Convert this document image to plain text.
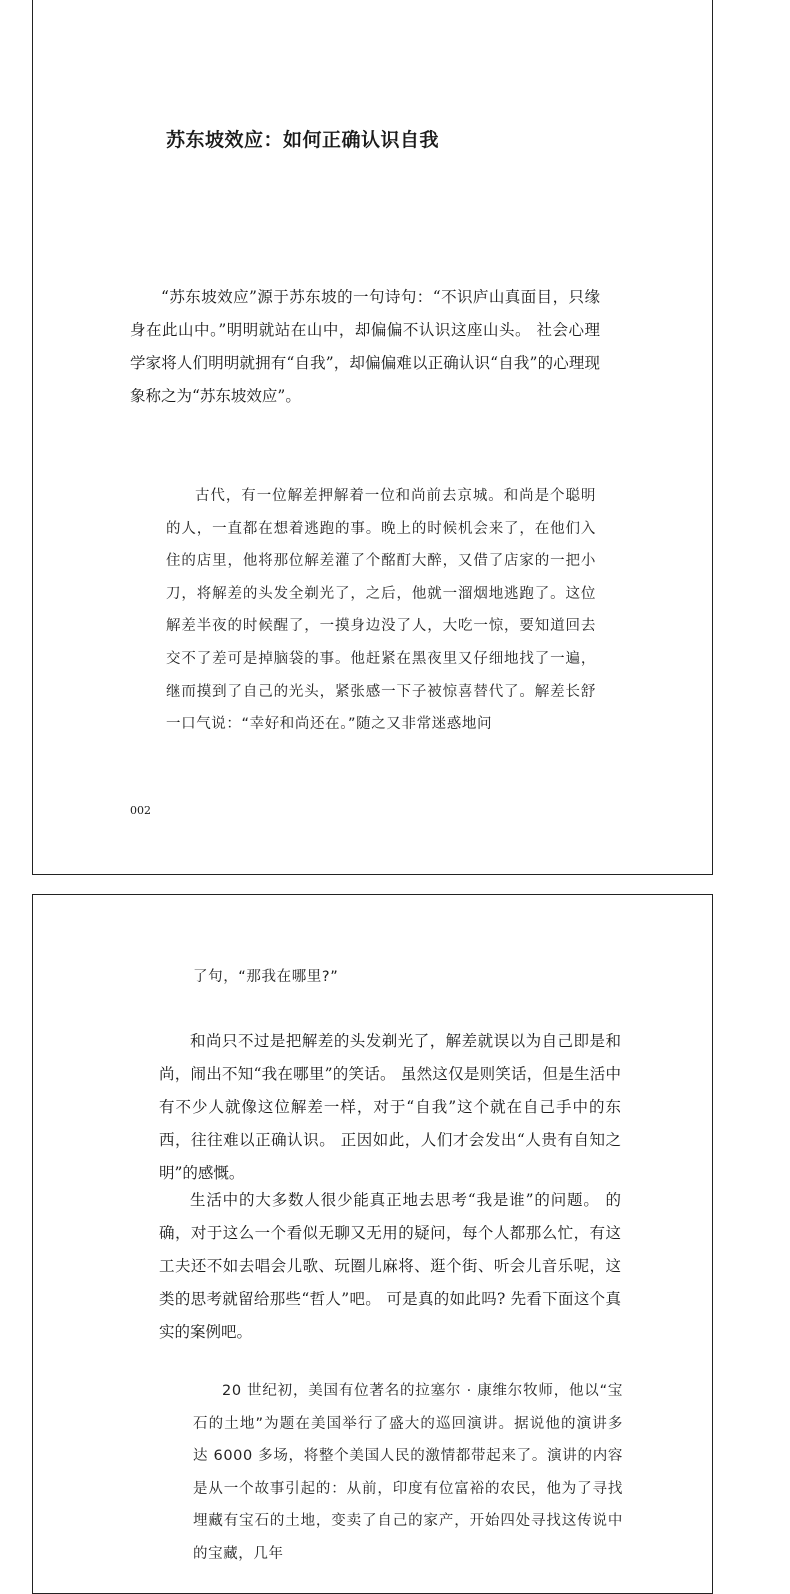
苏东坡效应：如何正确认识自我

“苏东坡效应”源于苏东坡的一句诗句：“不识庐山真面目，只缘身在此山中。”明明就站在山中，却偏偏不认识这座山头。 社会心理学家将人们明明就拥有“自我”，却偏偏难以正确认识“自我”的心理现象称之为“苏东坡效应”。

古代，有一位解差押解着一位和尚前去京城。和尚是个聪明的人，一直都在想着逃跑的事。晚上的时候机会来了，在他们入住的店里，他将那位解差灌了个酩酊大醉，又借了店家的一把小刀，将解差的头发全剃光了，之后，他就一溜烟地逃跑了。这位解差半夜的时候醒了，一摸身边没了人，大吃一惊，要知道回去交不了差可是掉脑袋的事。他赶紧在黑夜里又仔细地找了一遍，继而摸到了自己的光头，紧张感一下子被惊喜替代了。解差长舒一口气说：“幸好和尚还在。”随之又非常迷惑地问

002

了句，“那我在哪里?”

和尚只不过是把解差的头发剃光了，解差就误以为自己即是和尚，闹出不知“我在哪里”的笑话。 虽然这仅是则笑话，但是生活中有不少人就像这位解差一样，对于“自我”这个就在自己手中的东西，往往难以正确认识。 正因如此，人们才会发出“人贵有自知之明”的感慨。

生活中的大多数人很少能真正地去思考“我是谁”的问题。 的确，对于这么一个看似无聊又无用的疑问，每个人都那么忙，有这工夫还不如去唱会儿歌、玩圈儿麻将、逛个街、听会儿音乐呢，这类的思考就留给那些“哲人”吧。 可是真的如此吗? 先看下面这个真实的案例吧。

20 世纪初，美国有位著名的拉塞尔 · 康维尔牧师，他以“宝石的土地”为题在美国举行了盛大的巡回演讲。据说他的演讲多达 6000 多场，将整个美国人民的激情都带起来了。演讲的内容是从一个故事引起的：从前，印度有位富裕的农民，他为了寻找埋藏有宝石的土地，变卖了自己的家产，开始四处寻找这传说中的宝藏，几年
